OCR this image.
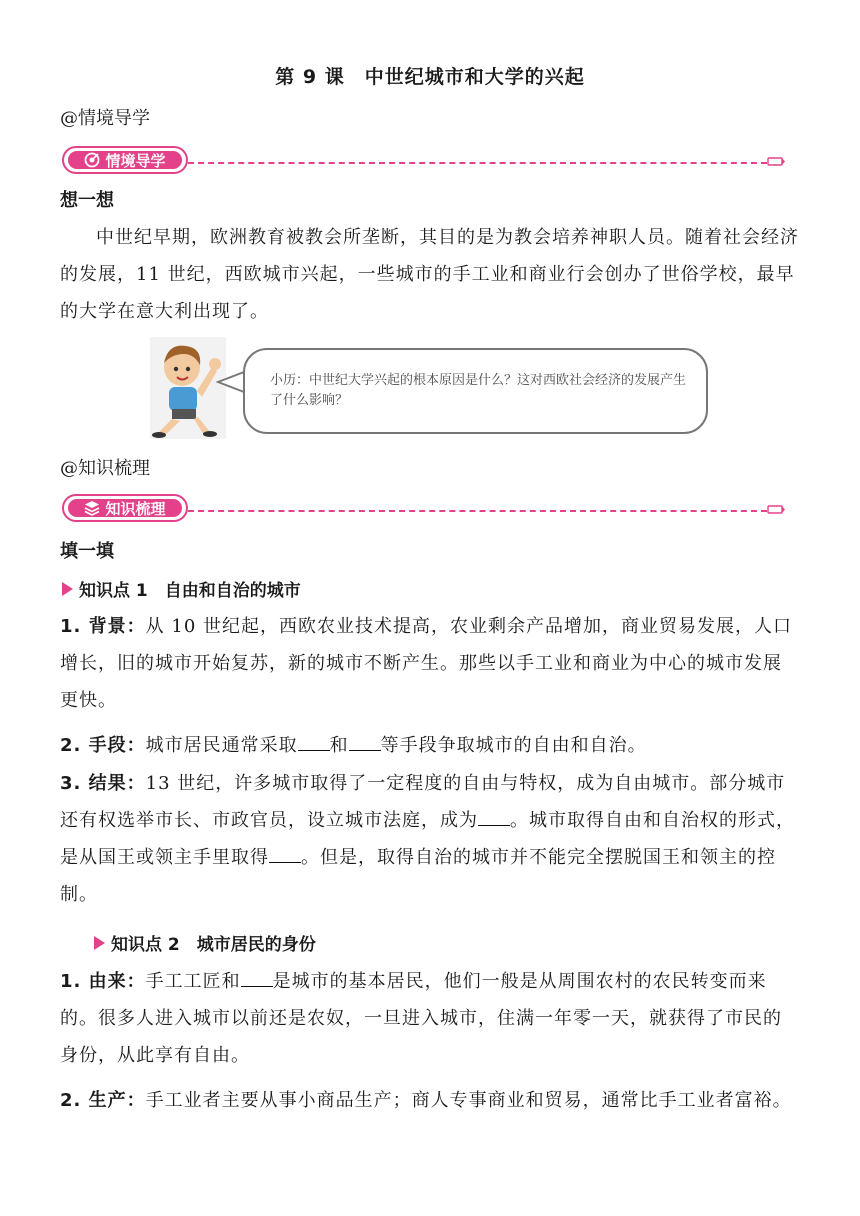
第 9 课　中世纪城市和大学的兴起
@情境导学
情境导学
想一想
中世纪早期，欧洲教育被教会所垄断，其目的是为教会培养神职人员。随着社会经济的发展，11 世纪，西欧城市兴起，一些城市的手工业和商业行会创办了世俗学校，最早的大学在意大利出现了。
小历：中世纪大学兴起的根本原因是什么？这对西欧社会经济的发展产生了什么影响？
@知识梳理
知识梳理
填一填
知识点 1　自由和自治的城市
1. 背景：从 10 世纪起，西欧农业技术提高，农业剩余产品增加，商业贸易发展，人口增长，旧的城市开始复苏，新的城市不断产生。那些以手工业和商业为中心的城市发展更快。
2. 手段：城市居民通常采取 和 等手段争取城市的自由和自治。
3. 结果：13 世纪，许多城市取得了一定程度的自由与特权，成为自由城市。部分城市还有权选举市长、市政官员，设立城市法庭，成为 。城市取得自由和自治权的形式，是从国王或领主手里取得 。但是，取得自治的城市并不能完全摆脱国王和领主的控制。
知识点 2　城市居民的身份
1. 由来：手工工匠和 是城市的基本居民，他们一般是从周围农村的农民转变而来的。很多人进入城市以前还是农奴，一旦进入城市，住满一年零一天，就获得了市民的身份，从此享有自由。
2. 生产：手工业者主要从事小商品生产；商人专事商业和贸易，通常比手工业者富裕。
